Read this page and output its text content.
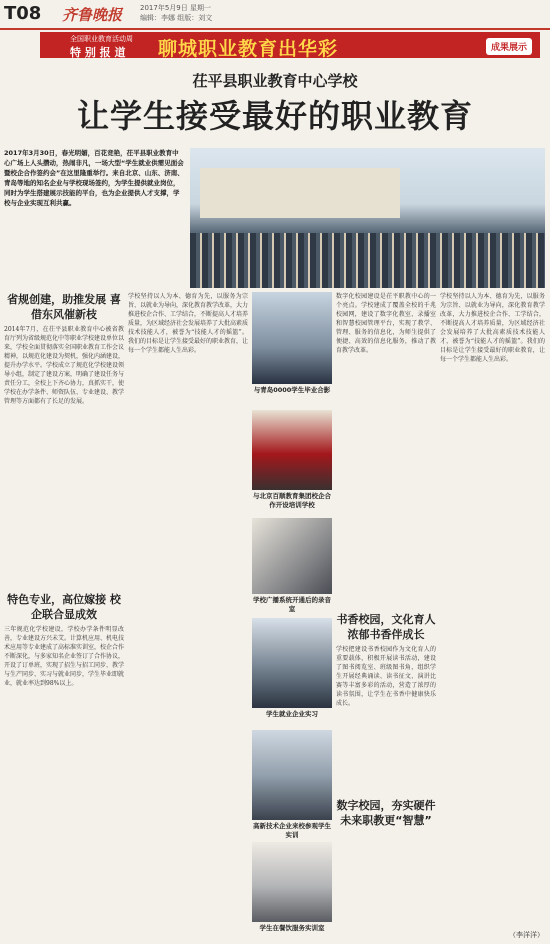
T08 齐鲁晚报	2017年5月9日 星期一
编辑：李娜 组版：刘文
全国职业教育活动周
特 别 报 道 聊城职业教育出华彩	成果展示
茌平县职业教育中心学校
让学生接受最好的职业教育
2017年3月30日，春光明媚，百花竞艳，茌平县职业教育中心广场上人头攒动，热闹非凡，一场大型“学生就业供需见面会暨校企合作签约会”在这里隆重举行。来自北京、山东、济南、青岛等地的知名企业与学校现场签约，为学生提供就业岗位，同时为学生搭建展示技能的平台，也为企业提供人才支撑，学校与企业实现互利共赢。
省规创建，助推发展 喜借东风催新枝
2014年7月，在茌平县职业教育中心被省教育厅列为省级规范化中等职业学校建设单位以来，学校全面贯彻落实全国职业教育工作会议精神，以规范化建设为契机，强化内涵建设，提升办学水平。学校成立了规范化学校建设领导小组，制定了建设方案，明确了建设任务与责任分工，全校上下齐心协力，真抓实干，使学校在办学条件、师资队伍、专业建设、教学管理等方面都有了长足的发展。
特色专业，高位嫁接 校企联合显成效
三年规范化学校建设，学校办学条件明显改善，专业建设方兴未艾。计算机应用、机电技术应用等专业建成了高标准实训室，校企合作不断深化，与多家知名企业签订了合作协议，开设了订单班，实现了招生与招工同步、教学与生产同步、实习与就业同步，学生毕业即就业，就业率达到98%以上。
学校坚持以人为本、德育为先，以服务为宗旨、以就业为导向，深化教育教学改革，大力推进校企合作、工学结合，不断提高人才培养质量，为区域经济社会发展培养了大批高素质技术技能人才，被誉为“技能人才的摇篮”。我们的目标是让学生接受最好的职业教育，让每一个学生都能人生出彩。
与青岛0000学生毕业合影
与北京百顺教育集团校企合作开设培训学校
学校广播系统开通后的录音室
学生就业企业实习
高新技术企业来校参观学生实训
学生在餐饮服务实训室
数字化校园建设是茌平职教中心的一个亮点。学校建成了覆盖全校的千兆校园网，建设了数字化教室、录播室和智慧校园管理平台，实现了教学、管理、服务的信息化，为师生提供了便捷、高效的信息化服务，推动了教育教学改革。
书香校园，文化育人 浓郁书香伴成长
学校把建设书香校园作为文化育人的重要载体，积极开展读书活动，建设了图书阅览室、班级图书角，组织学生开展经典诵读、读书征文、演讲比赛等丰富多彩的活动，营造了浓厚的读书氛围，让学生在书香中健康快乐成长。
数字校园，夯实硬件 未来职教更“智慧”
学校坚持以人为本、德育为先，以服务为宗旨、以就业为导向，深化教育教学改革，大力推进校企合作、工学结合，不断提高人才培养质量，为区域经济社会发展培养了大批高素质技术技能人才，被誉为“技能人才的摇篮”。我们的目标是让学生接受最好的职业教育，让每一个学生都能人生出彩。
（李洋洋）
